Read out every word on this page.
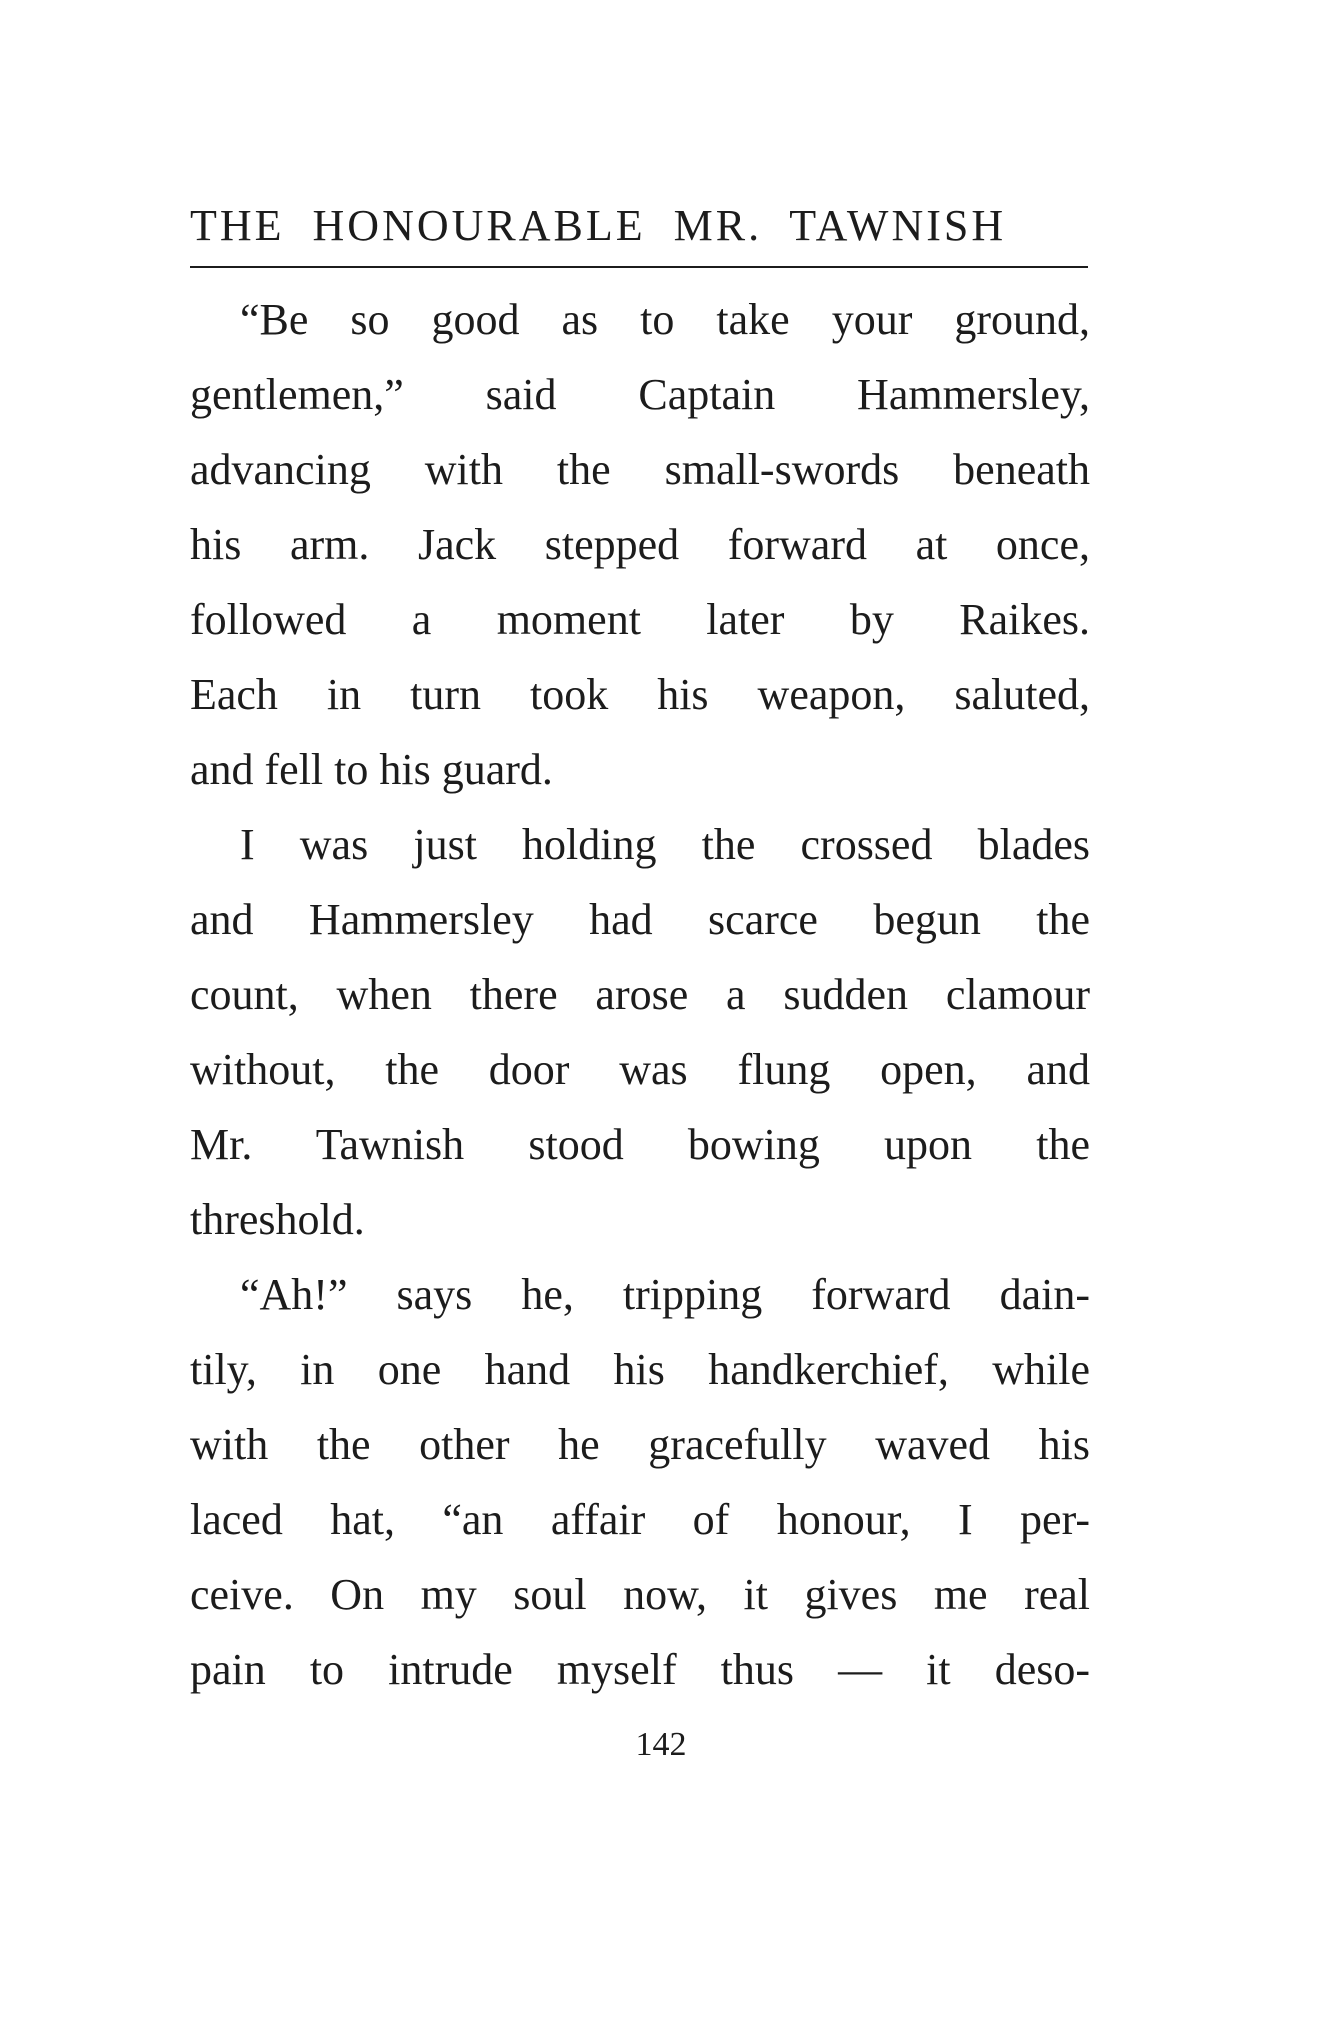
THE  HONOURABLE  MR.  TAWNISH
“Be so good as to take your ground,
gentlemen,” said Captain Hammersley,
advancing with the small-swords beneath
his arm. Jack stepped forward at once,
followed a moment later by Raikes.
Each in turn took his weapon, saluted,
and fell to his guard.
I was just holding the crossed blades
and Hammersley had scarce begun the
count, when there arose a sudden clamour
without, the door was flung open, and
Mr. Tawnish stood bowing upon the
threshold.
“Ah!” says he, tripping forward dain-
tily, in one hand his handkerchief, while
with the other he gracefully waved his
laced hat, “an affair of honour, I per-
ceive. On my soul now, it gives me real
pain to intrude myself thus — it deso-
142
